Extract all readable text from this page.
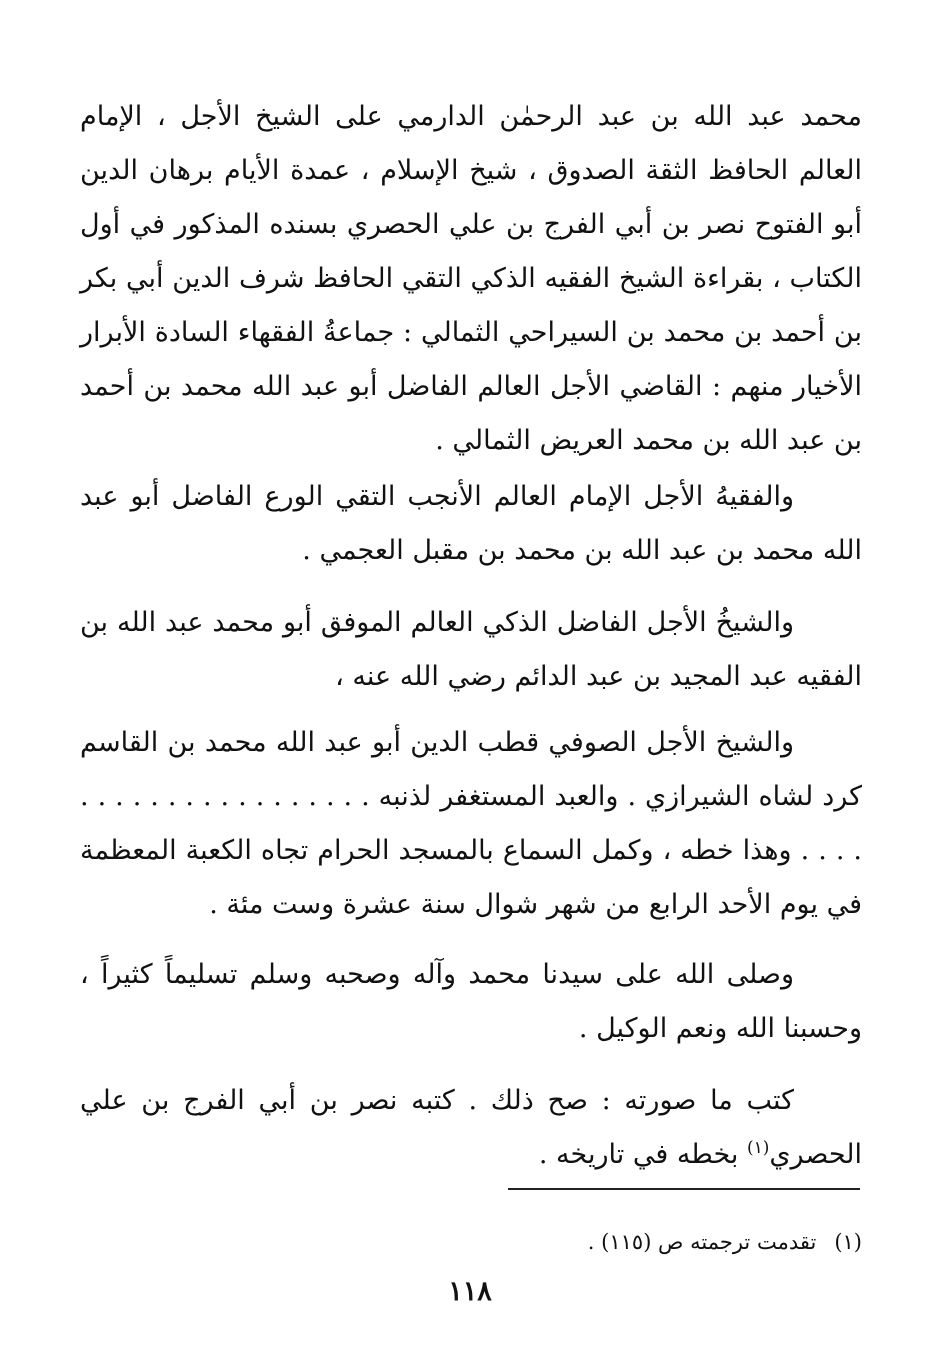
محمد عبد الله بن عبد الرحمٰن الدارمي على الشيخ الأجل ، الإمام العالم الحافظ الثقة الصدوق ، شيخ الإسلام ، عمدة الأيام برهان الدين أبو الفتوح نصر بن أبي الفرج بن علي الحصري بسنده المذكور في أول الكتاب ، بقراءة الشيخ الفقيه الذكي التقي الحافظ شرف الدين أبي بكر بن أحمد بن محمد بن السيراحي الثمالي : جماعةُ الفقهاء السادة الأبرار الأخيار منهم : القاضي الأجل العالم الفاضل أبو عبد الله محمد بن أحمد بن عبد الله بن محمد العريض الثمالي .

والفقيهُ الأجل الإمام العالم الأنجب التقي الورع الفاضل أبو عبد الله محمد بن عبد الله بن محمد بن مقبل العجمي .

والشيخُ الأجل الفاضل الذكي العالم الموفق أبو محمد عبد الله بن الفقيه عبد المجيد بن عبد الدائم رضي الله عنه ،

والشيخ الأجل الصوفي قطب الدين أبو عبد الله محمد بن القاسم كرد لشاه الشيرازي . والعبد المستغفر لذنبه . . . . . . . . . . . . . . . . . . . . . وهذا خطه ، وكمل السماع بالمسجد الحرام تجاه الكعبة المعظمة في يوم الأحد الرابع من شهر شوال سنة عشرة وست مئة .

وصلى الله على سيدنا محمد وآله وصحبه وسلم تسليماً كثيراً ، وحسبنا الله ونعم الوكيل .

كتب ما صورته : صح ذلك . كتبه نصر بن أبي الفرج بن علي الحصري$^{(١)}$ بخطه في تاريخه .

(١)تقدمت ترجمته ص (١١٥) .
١١٨
